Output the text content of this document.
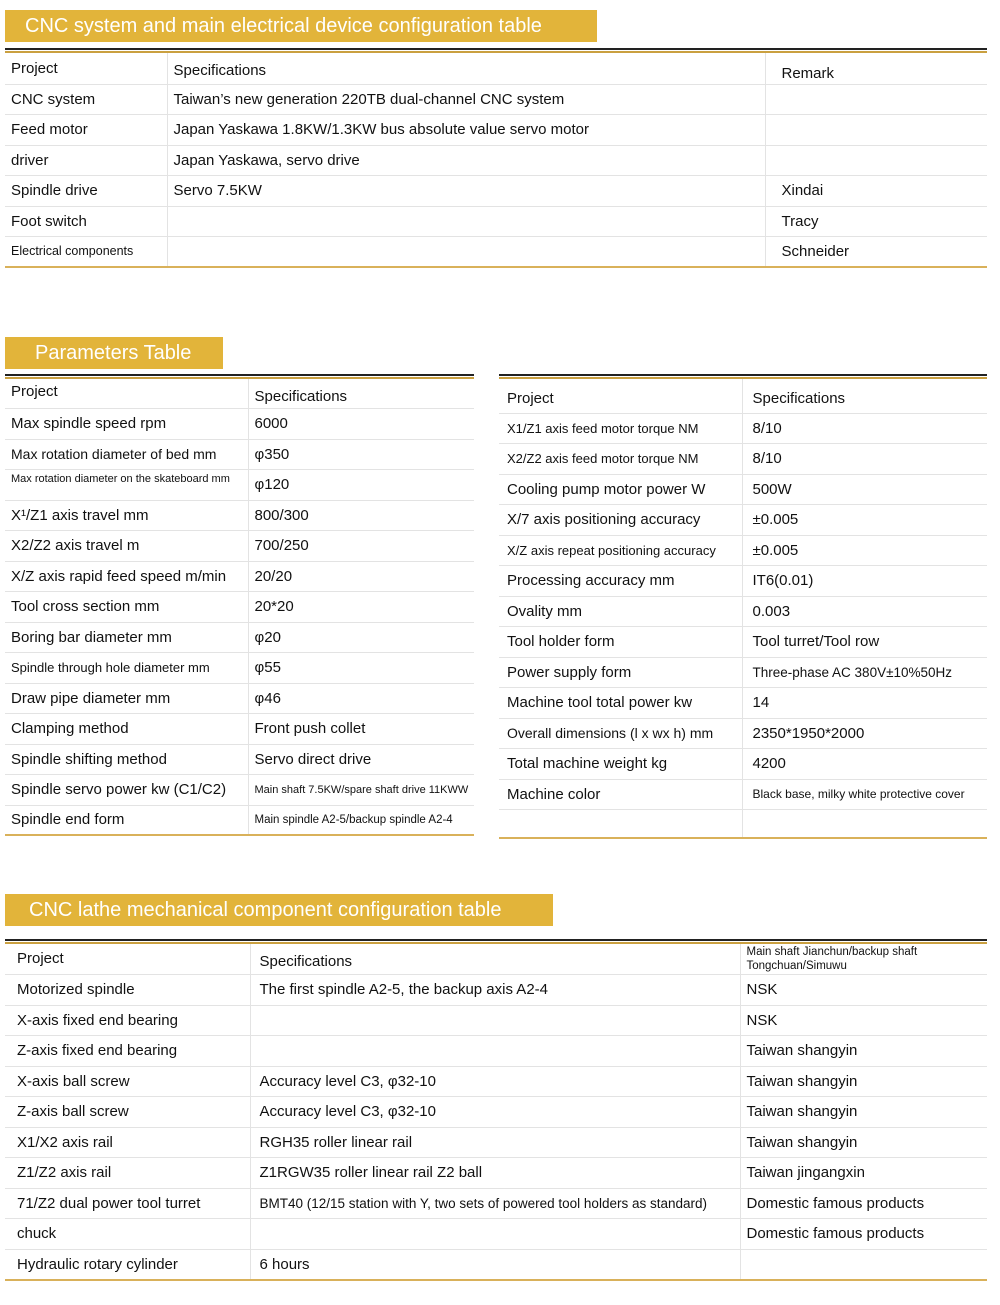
CNC system and main electrical device configuration table
Project	Specifications	Remark
CNC system	Taiwan’s new generation 220TB dual-channel CNC system	
Feed motor	Japan Yaskawa 1.8KW/1.3KW bus absolute value servo motor	
driver	Japan Yaskawa, servo drive	
Spindle drive	Servo 7.5KW	Xindai
Foot switch		Tracy
Electrical components		Schneider
Parameters Table
Project	Specifications
Max spindle speed rpm	6000
Max rotation diameter of bed mm	φ350
Max rotation diameter on the skateboard mm	φ120
X¹/Z1 axis travel mm	800/300
X2/Z2 axis travel m	700/250
X/Z axis rapid feed speed m/min	20/20
Tool cross section mm	20*20
Boring bar diameter mm	φ20
Spindle through hole diameter mm	φ55
Draw pipe diameter mm	φ46
Clamping method	Front push collet
Spindle shifting method	Servo direct drive
Spindle servo power kw (C1/C2)	Main shaft 7.5KW/spare shaft drive 11KWW
Spindle end form	Main spindle A2-5/backup spindle A2-4
Project	Specifications
X1/Z1 axis feed motor torque NM	8/10
X2/Z2 axis feed motor torque NM	8/10
Cooling pump motor power W	500W
X/7 axis positioning accuracy	±0.005
X/Z axis repeat positioning accuracy	±0.005
Processing accuracy mm	IT6(0.01)
Ovality mm	0.003
Tool holder form	Tool turret/Tool row
Power supply form	Three-phase AC 380V±10%50Hz
Machine tool total power kw	14
Overall dimensions (l x wx h) mm	2350*1950*2000
Total machine weight kg	4200
Machine color	Black base, milky white protective cover

CNC lathe mechanical component configuration table
Project	Specifications	Main shaft Jianchun/backup shaft Tongchuan/Simuwu
Motorized spindle	The first spindle A2-5, the backup axis A2-4	NSK
X-axis fixed end bearing		NSK
Z-axis fixed end bearing		Taiwan shangyin
X-axis ball screw	Accuracy level C3, φ32-10	Taiwan shangyin
Z-axis ball screw	Accuracy level C3, φ32-10	Taiwan shangyin
X1/X2 axis rail	RGH35 roller linear rail	Taiwan shangyin
Z1/Z2 axis rail	Z1RGW35 roller linear rail Z2 ball	Taiwan jingangxin
71/Z2 dual power tool turret	BMT40 (12/15 station with Y, two sets of powered tool holders as standard)	Domestic famous products
chuck		Domestic famous products
Hydraulic rotary cylinder	6 hours	
